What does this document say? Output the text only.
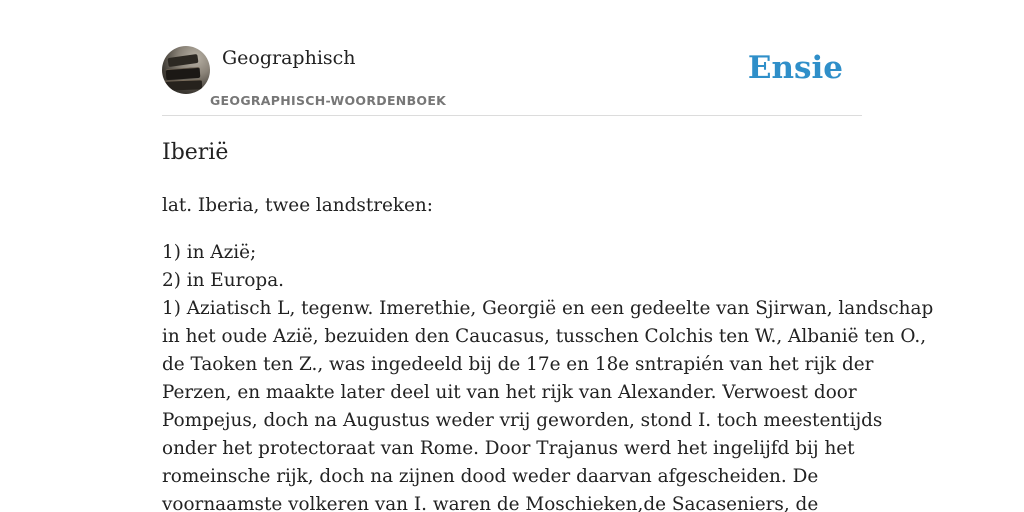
Geographisch
GEOGRAPHISCH-WOORDENBOEK
Ensie
Iberië

lat. Iberia, twee landstreken:

1) in Azië;
2) in Europa.
1) Aziatisch L, tegenw. Imerethie, Georgië en een gedeelte van Sjirwan, landschap
in het oude Azië, bezuiden den Caucasus, tusschen Colchis ten W., Albanië ten O.,
de Taoken ten Z., was ingedeeld bij de 17e en 18e sntrapién van het rijk der
Perzen, en maakte later deel uit van het rijk van Alexander. Verwoest door
Pompejus, doch na Augustus weder vrij geworden, stond I. toch meestentijds
onder het protectoraat van Rome. Door Trajanus werd het ingelijfd bij het
romeinsche rijk, doch na zijnen dood weder daarvan afgescheiden. De
voornaamste volkeren van I. waren de Moschieken,de Sacaseniers, de
